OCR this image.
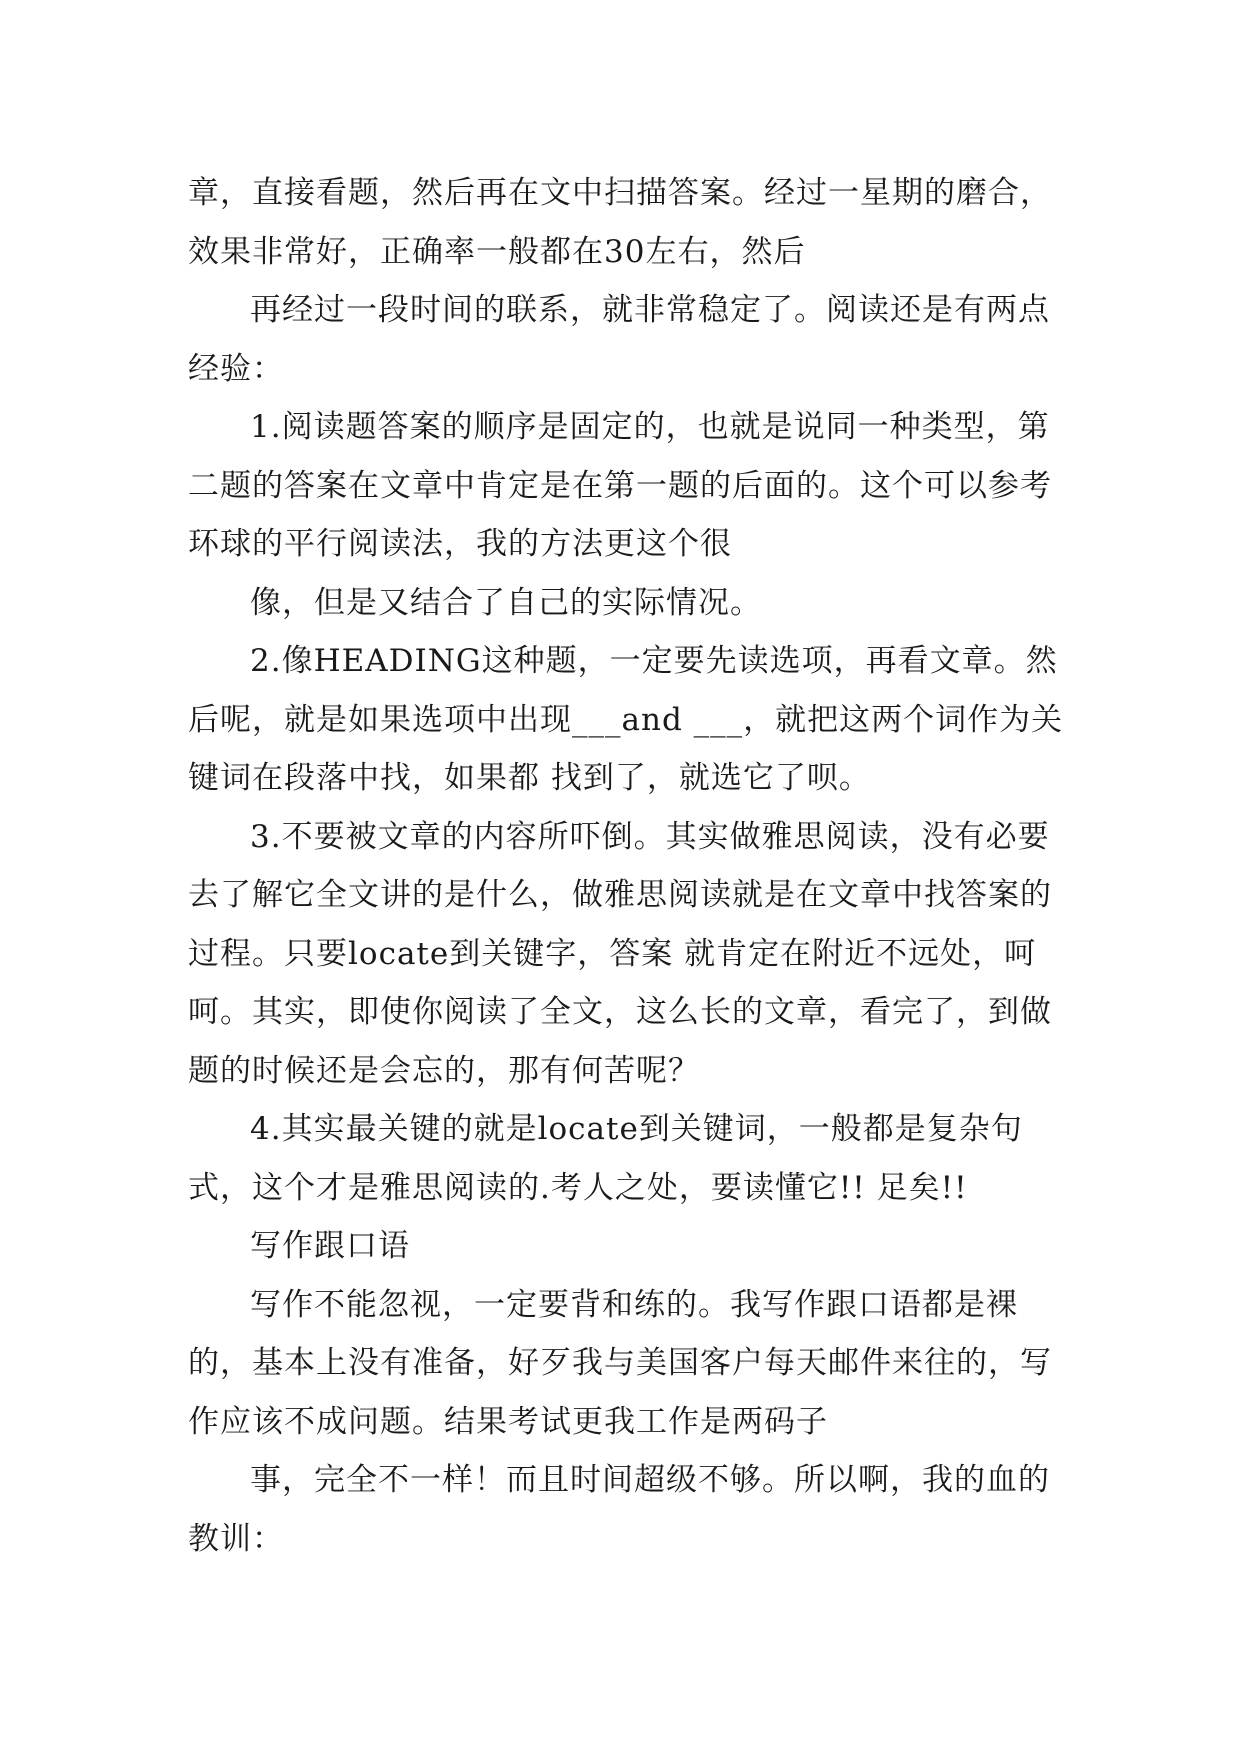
章，直接看题，然后再在文中扫描答案。经过一星期的磨合，效果非常好，正确率一般都在30左右，然后

再经过一段时间的联系，就非常稳定了。阅读还是有两点经验：

1.阅读题答案的顺序是固定的，也就是说同一种类型，第二题的答案在文章中肯定是在第一题的后面的。这个可以参考环球的平行阅读法，我的方法更这个很

像，但是又结合了自己的实际情况。

2.像HEADING这种题，一定要先读选项，再看文章。然后呢，就是如果选项中出现___and ___，就把这两个词作为关键词在段落中找，如果都 找到了，就选它了呗。

3.不要被文章的内容所吓倒。其实做雅思阅读，没有必要去了解它全文讲的是什么，做雅思阅读就是在文章中找答案的过程。只要locate到关键字，答案 就肯定在附近不远处，呵呵。其实，即使你阅读了全文，这么长的文章，看完了，到做题的时候还是会忘的，那有何苦呢？

4.其实最关键的就是locate到关键词，一般都是复杂句式，这个才是雅思阅读的.考人之处，要读懂它!! 足矣!!

写作跟口语

写作不能忽视，一定要背和练的。我写作跟口语都是裸的，基本上没有准备，好歹我与美国客户每天邮件来往的，写作应该不成问题。结果考试更我工作是两码子

事，完全不一样！而且时间超级不够。所以啊，我的血的教训：
